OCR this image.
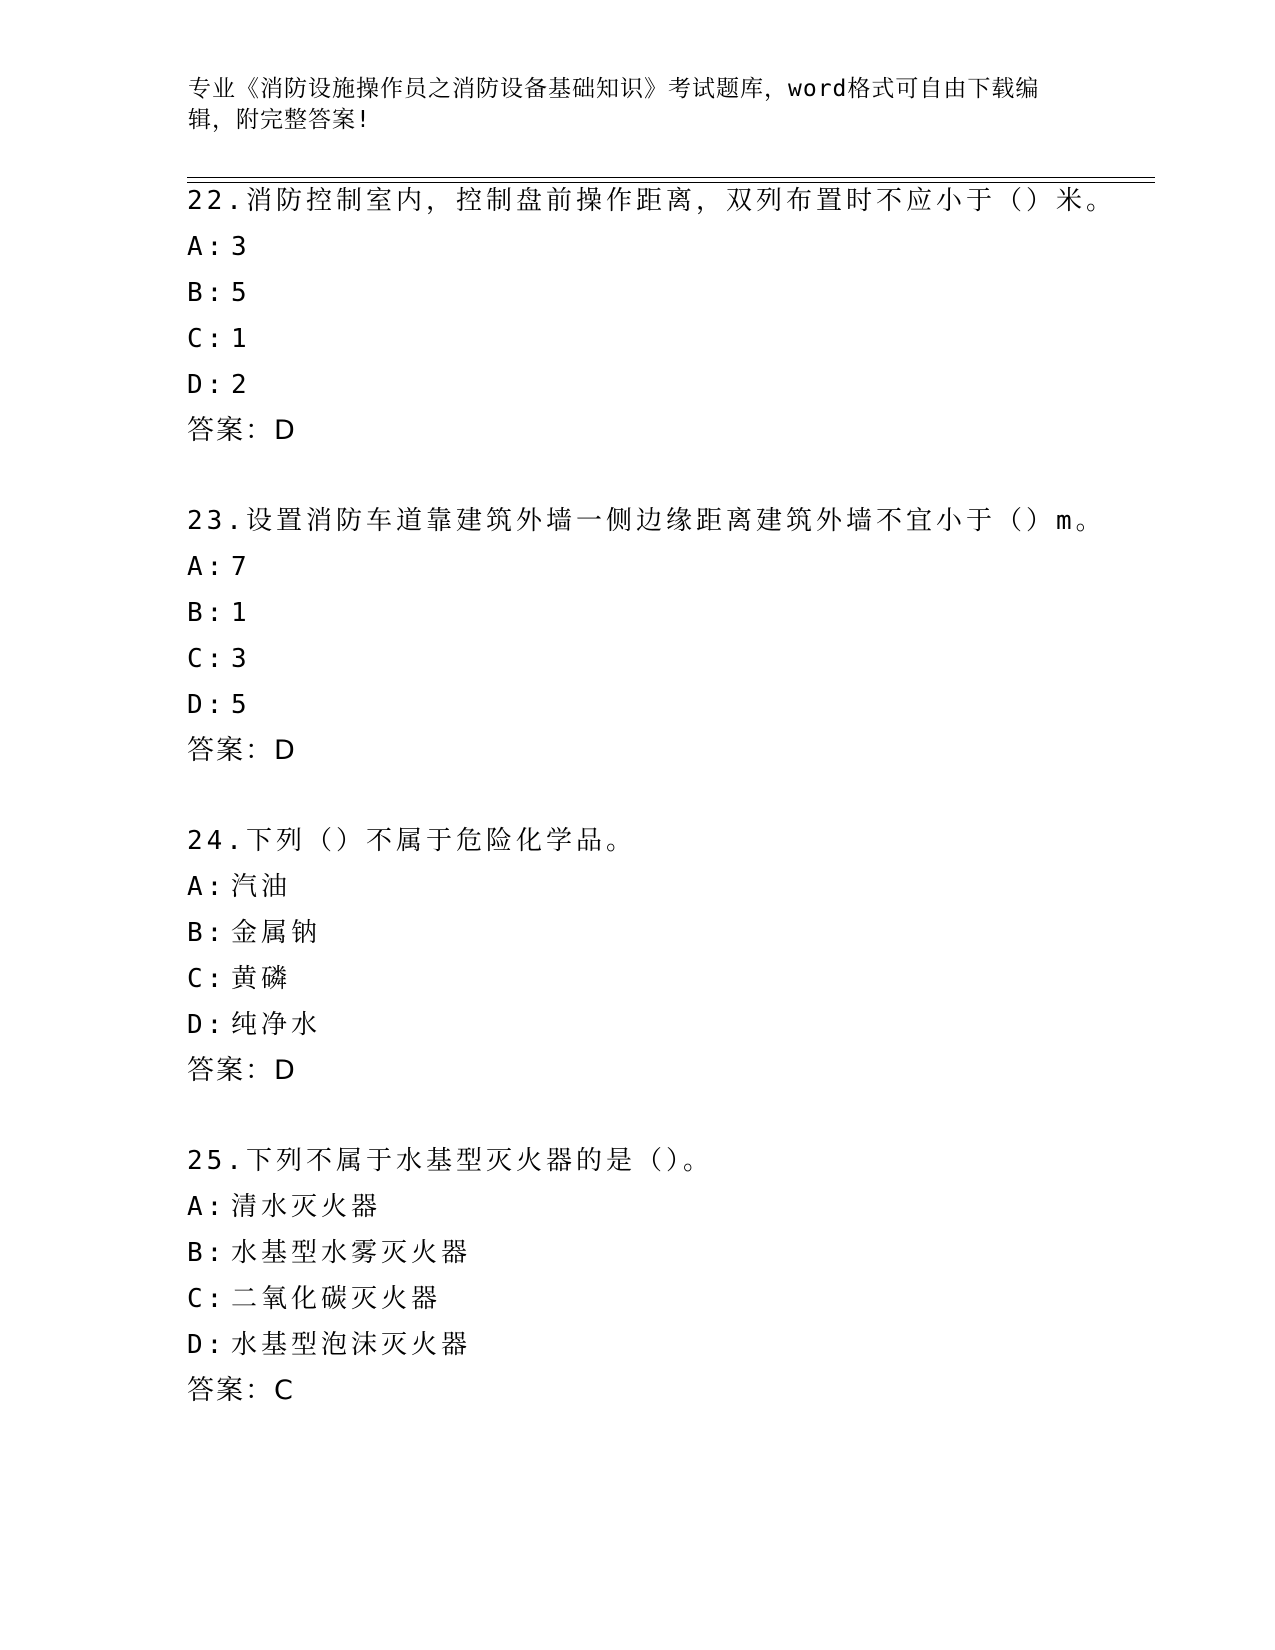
专业《消防设施操作员之消防设备基础知识》考试题库，word格式可自由下载编
辑，附完整答案!
22.消防控制室内，控制盘前操作距离，双列布置时不应小于（）米。
A: 3
B: 5
C: 1
D: 2
答案：D
23.设置消防车道靠建筑外墙一侧边缘距离建筑外墙不宜小于（）m。
A: 7
B: 1
C: 3
D: 5
答案：D
24.下列（）不属于危险化学品。
A: 汽油
B: 金属钠
C: 黄磷
D: 纯净水
答案：D
25.下列不属于水基型灭火器的是（）。
A: 清水灭火器
B: 水基型水雾灭火器
C: 二氧化碳灭火器
D: 水基型泡沫灭火器
答案：C
